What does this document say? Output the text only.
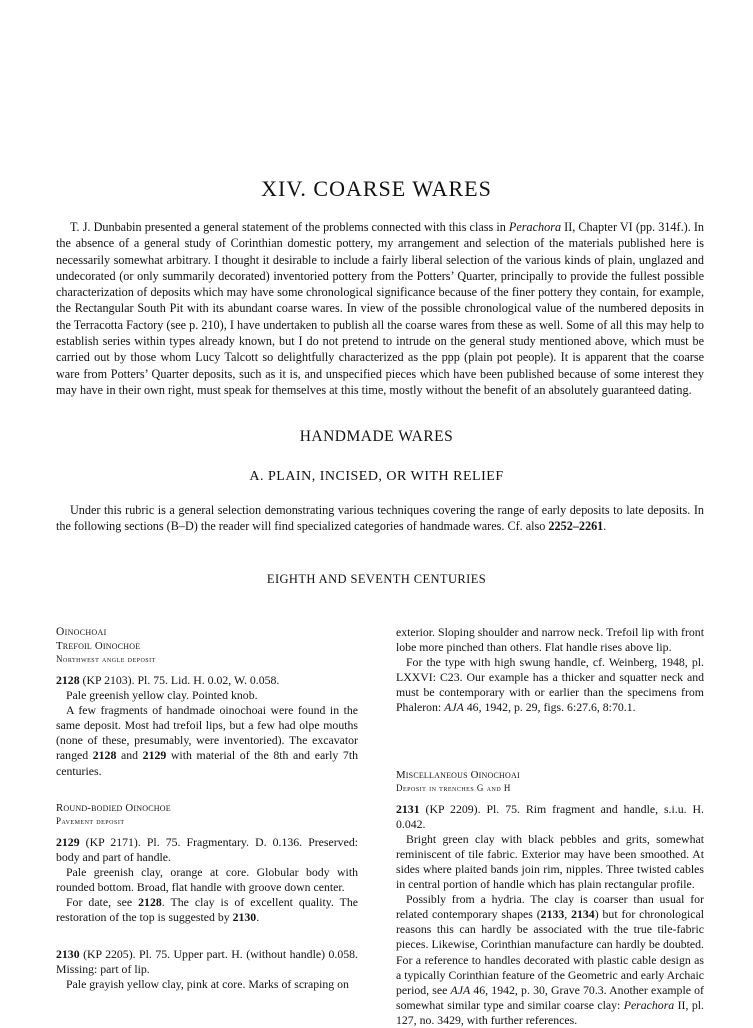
XIV. COARSE WARES

T. J. Dunbabin presented a general statement of the problems connected with this class in Perachora II, Chapter VI (pp. 314f.). In the absence of a general study of Corinthian domestic pottery, my arrangement and selection of the materials published here is necessarily somewhat arbitrary. I thought it desirable to include a fairly liberal selection of the various kinds of plain, unglazed and undecorated (or only summarily decorated) inventoried pottery from the Potters’ Quarter, principally to provide the fullest possible characterization of deposits which may have some chronological significance because of the finer pottery they contain, for example, the Rectangular South Pit with its abundant coarse wares. In view of the possible chronological value of the numbered deposits in the Terracotta Factory (see p. 210), I have undertaken to publish all the coarse wares from these as well. Some of all this may help to establish series within types already known, but I do not pretend to intrude on the general study mentioned above, which must be carried out by those whom Lucy Talcott so delightfully characterized as the ppp (plain pot people). It is apparent that the coarse ware from Potters’ Quarter deposits, such as it is, and unspecified pieces which have been published because of some interest they may have in their own right, must speak for themselves at this time, mostly without the benefit of an absolutely guaranteed dating.

HANDMADE WARES
A. PLAIN, INCISED, OR WITH RELIEF

Under this rubric is a general selection demonstrating various techniques covering the range of early deposits to late deposits. In the following sections (B–D) the reader will find specialized categories of handmade wares. Cf. also 2252–2261.

EIGHTH AND SEVENTH CENTURIES

Oinochoai

Trefoil Oinochoe

Northwest angle deposit

2128 (KP 2103). Pl. 75. Lid. H. 0.02, W. 0.058.

Pale greenish yellow clay. Pointed knob.

A few fragments of handmade oinochoai were found in the same deposit. Most had trefoil lips, but a few had olpe mouths (none of these, presumably, were inventoried). The excavator ranged 2128 and 2129 with material of the 8th and early 7th centuries.

Round-bodied Oinochoe

Pavement deposit

2129 (KP 2171). Pl. 75. Fragmentary. D. 0.136. Preserved: body and part of handle.

Pale greenish clay, orange at core. Globular body with rounded bottom. Broad, flat handle with groove down center.

For date, see 2128. The clay is of excellent quality. The restoration of the top is suggested by 2130.

2130 (KP 2205). Pl. 75. Upper part. H. (without handle) 0.058. Missing: part of lip.

Pale grayish yellow clay, pink at core. Marks of scraping on

exterior. Sloping shoulder and narrow neck. Trefoil lip with front lobe more pinched than others. Flat handle rises above lip.

For the type with high swung handle, cf. Weinberg, 1948, pl. LXXVI: C23. Our example has a thicker and squatter neck and must be contemporary with or earlier than the specimens from Phaleron: AJA 46, 1942, p. 29, figs. 6:27.6, 8:70.1.

Miscellaneous Oinochoai

Deposit in trenches G and H

2131 (KP 2209). Pl. 75. Rim fragment and handle, s.i.u. H. 0.042.

Bright green clay with black pebbles and grits, somewhat reminiscent of tile fabric. Exterior may have been smoothed. At sides where plaited bands join rim, nipples. Three twisted cables in central portion of handle which has plain rectangular profile.

Possibly from a hydria. The clay is coarser than usual for related contemporary shapes (2133, 2134) but for chronological reasons this can hardly be associated with the true tile-fabric pieces. Likewise, Corinthian manufacture can hardly be doubted. For a reference to handles decorated with plastic cable design as a typically Corinthian feature of the Geometric and early Archaic period, see AJA 46, 1942, p. 30, Grave 70.3. Another example of somewhat similar type and similar coarse clay: Perachora II, pl. 127, no. 3429, with further references.
